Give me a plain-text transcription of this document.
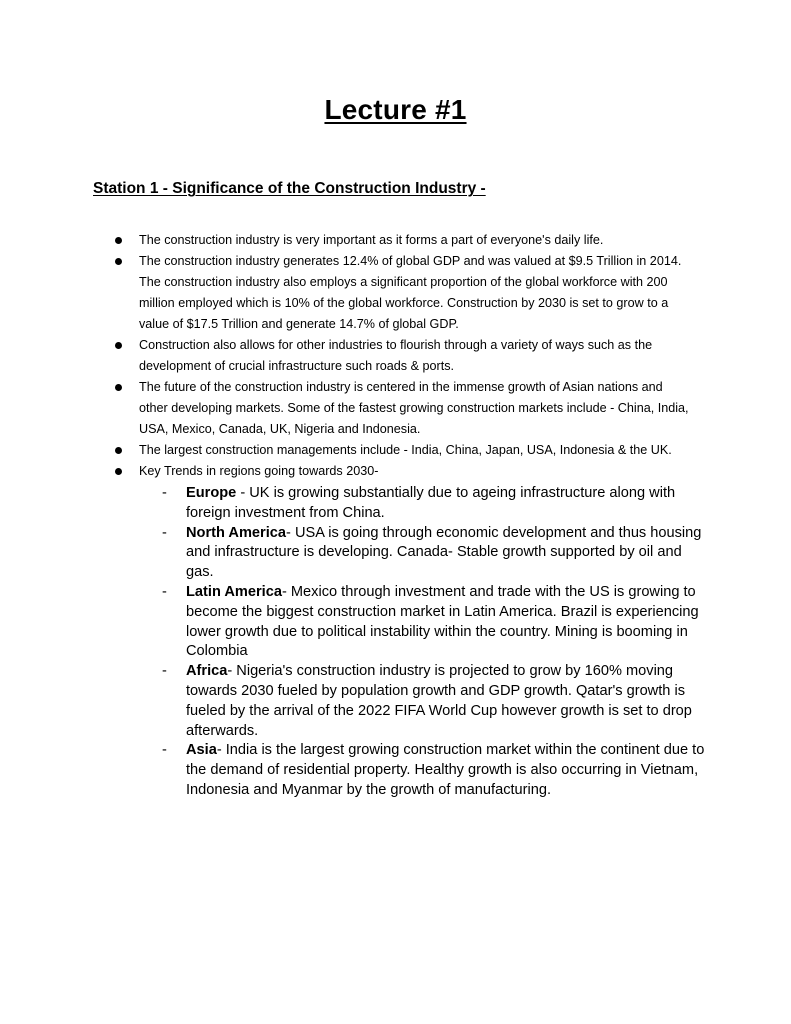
Lecture #1
Station 1 - Significance of the Construction Industry -
The construction industry is very important as it forms a part of everyone's daily life.
The construction industry generates 12.4% of global GDP and was valued at $9.5 Trillion in 2014. The construction industry also employs a significant proportion of the global workforce with 200 million employed which is 10% of the global workforce. Construction by 2030 is set to grow to a value of $17.5 Trillion and generate 14.7% of global GDP.
Construction also allows for other industries to flourish through a variety of ways such as the development of crucial infrastructure such roads & ports.
The future of the construction industry is centered in the immense growth of Asian nations and other developing markets. Some of the fastest growing construction markets include - China, India, USA, Mexico, Canada, UK, Nigeria and Indonesia.
The largest construction managements include - India, China, Japan, USA, Indonesia & the UK.
Key Trends in regions going towards 2030-
- Europe - UK is growing substantially due to ageing infrastructure along with foreign investment from China.
- North America- USA is going through economic development and thus housing and infrastructure is developing. Canada- Stable growth supported by oil and gas.
- Latin America- Mexico through investment and trade with the US is growing to become the biggest construction market in Latin America. Brazil is experiencing lower growth due to political instability within the country. Mining is booming in Colombia
- Africa- Nigeria's construction industry is projected to grow by 160% moving towards 2030 fueled by population growth and GDP growth. Qatar's growth is fueled by the arrival of the 2022 FIFA World Cup however growth is set to drop afterwards.
- Asia- India is the largest growing construction market within the continent due to the demand of residential property. Healthy growth is also occurring in Vietnam, Indonesia and Myanmar by the growth of manufacturing.
